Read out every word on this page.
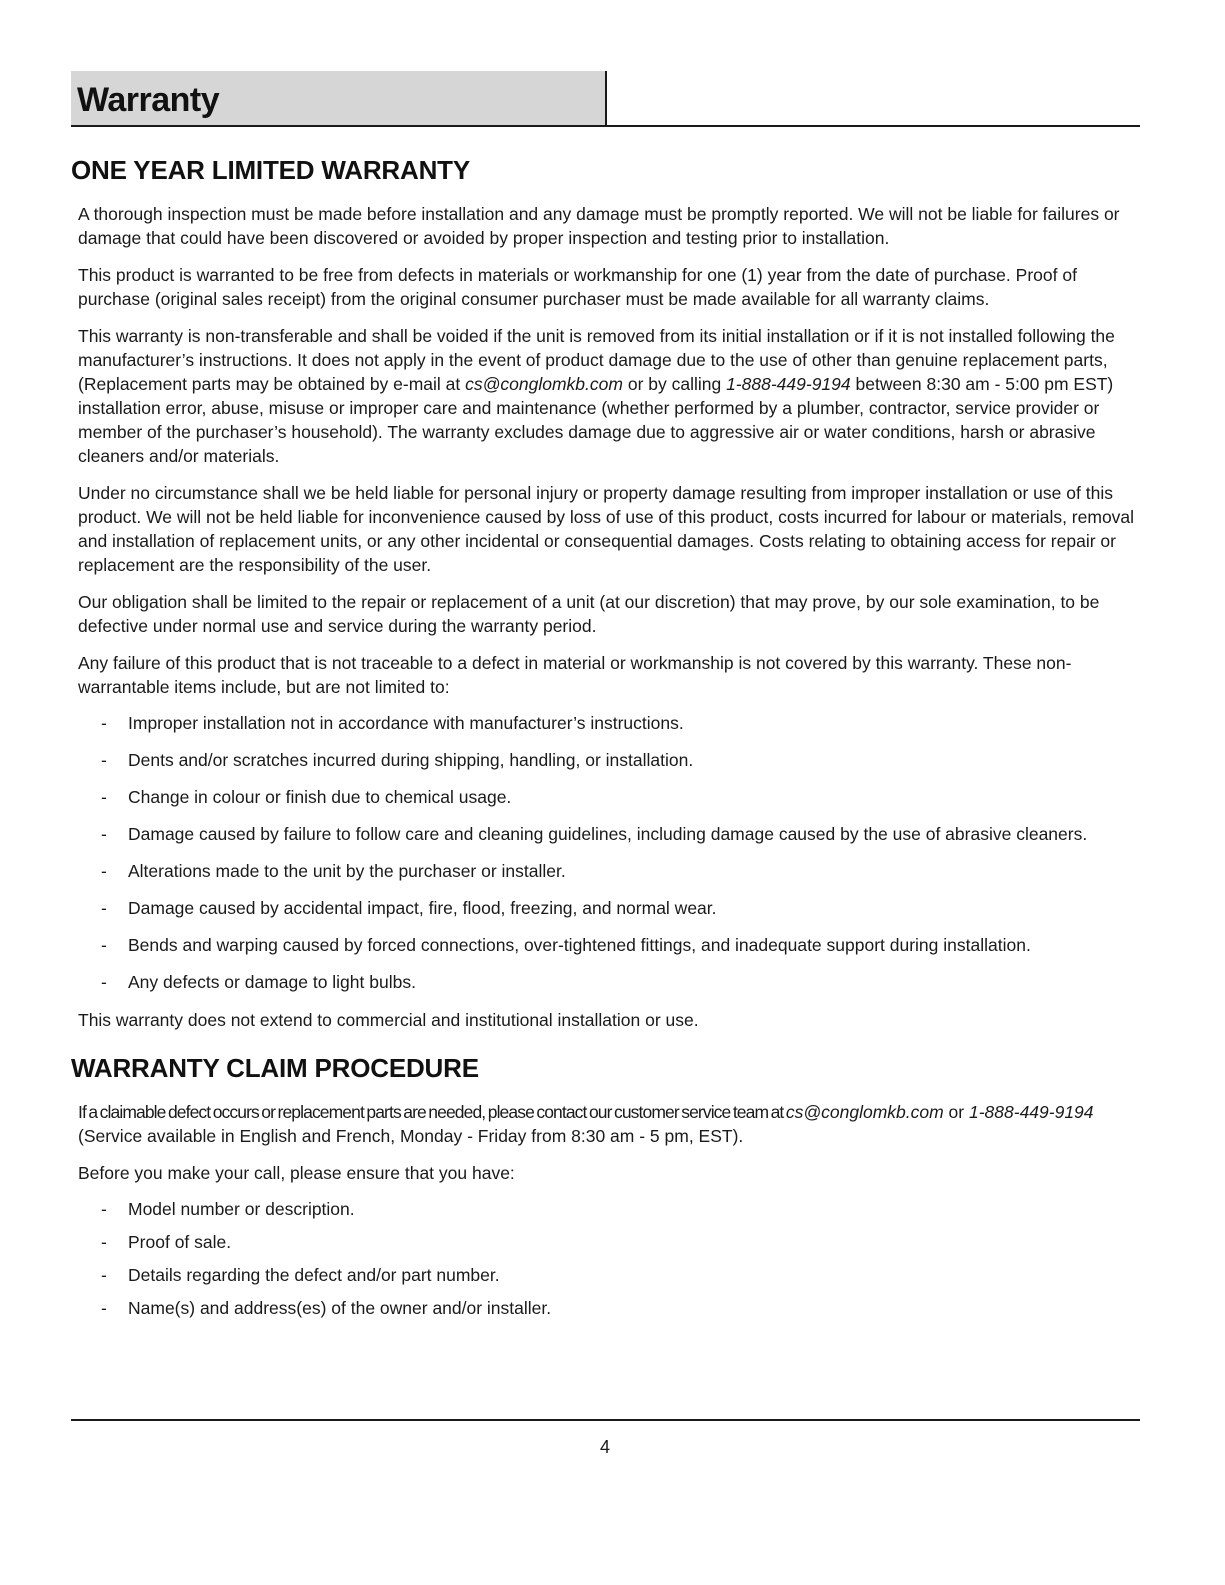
Warranty
ONE YEAR LIMITED WARRANTY

A thorough inspection must be made before installation and any damage must be promptly reported. We will not be liable for failures or damage that could have been discovered or avoided by proper inspection and testing prior to installation.

This product is warranted to be free from defects in materials or workmanship for one (1) year from the date of purchase. Proof of purchase (original sales receipt) from the original consumer purchaser must be made available for all warranty claims.

This warranty is non-transferable and shall be voided if the unit is removed from its initial installation or if it is not installed following the manufacturer’s instructions. It does not apply in the event of product damage due to the use of other than genuine replacement parts, (Replacement parts may be obtained by e-mail at cs@conglomkb.com or by calling 1-888-449-9194 between 8:30 am - 5:00 pm EST) installation error, abuse, misuse or improper care and maintenance (whether performed by a plumber, contractor, service provider or member of the purchaser’s household). The warranty excludes damage due to aggressive air or water conditions, harsh or abrasive cleaners and/or materials.

Under no circumstance shall we be held liable for personal injury or property damage resulting from improper installation or use of this product. We will not be held liable for inconvenience caused by loss of use of this product, costs incurred for labour or materials, removal and installation of replacement units, or any other incidental or consequential damages. Costs relating to obtaining access for repair or replacement are the responsibility of the user.

Our obligation shall be limited to the repair or replacement of a unit (at our discretion) that may prove, by our sole examination, to be defective under normal use and service during the warranty period.

Any failure of this product that is not traceable to a defect in material or workmanship is not covered by this warranty. These non-warrantable items include, but are not limited to:

- Improper installation not in accordance with manufacturer’s instructions.
- Dents and/or scratches incurred during shipping, handling, or installation.
- Change in colour or finish due to chemical usage.
- Damage caused by failure to follow care and cleaning guidelines, including damage caused by the use of abrasive cleaners.
- Alterations made to the unit by the purchaser or installer.
- Damage caused by accidental impact, fire, flood, freezing, and normal wear.
- Bends and warping caused by forced connections, over-tightened fittings, and inadequate support during installation.
- Any defects or damage to light bulbs.

This warranty does not extend to commercial and institutional installation or use.

WARRANTY CLAIM PROCEDURE

If a claimable defect occurs or replacement parts are needed, please contact our customer service team at cs@conglomkb.com or 1-888-449-9194 (Service available in English and French, Monday - Friday from 8:30 am - 5 pm, EST).

Before you make your call, please ensure that you have:

- Model number or description.
- Proof of sale.
- Details regarding the defect and/or part number.
- Name(s) and address(es) of the owner and/or installer.
4
